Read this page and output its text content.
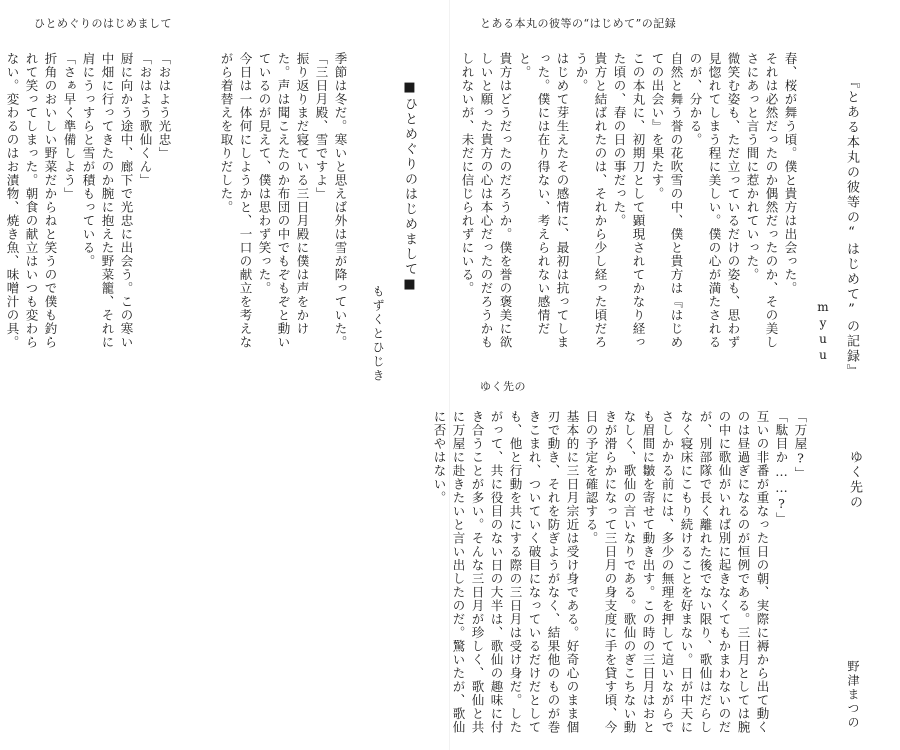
ひとめぐりのはじめまして
■ひとめぐりのはじめまして■
もずくとひじき
季節は冬だ。寒いと思えば外は雪が降っていた。
「三日月殿、雪ですよ」
振り返りまだ寝ている三日月殿に僕は声をかけた。声は聞こえたのか布団の中でもぞもぞと動いているのが見えて、僕は思わず笑った。
今日は一体何にしようかと、一口の献立を考えながら着替えを取りだした。
「おはよう光忠」
「おはよう歌仙くん」
厨に向かう途中、廊下で光忠に出会う。この寒い中畑に行ってきたのか腕に抱えた野菜籠、それに肩にうっすらと雪が積もっている。
「さぁ早く準備しよう」
折角のおいしい野菜だからねと笑うので僕も釣られて笑ってしまった。朝食の献立はいつも変わらない。変わるのはお漬物、焼き魚、味噌汁の具。
とある本丸の彼等の“はじめて”の記録
『とある本丸の彼等の“はじめて”の記録』
myuu
春、桜が舞う頃。僕と貴方は出会った。
それは必然だったのか偶然だったのか、その美しさにあっと言う間に惹かれていった。
微笑む姿も、ただ立っているだけの姿も、思わず見惚れてしまう程に美しい。僕の心が満たされるのが、分かる。
自然と舞う誉の花吹雪の中、僕と貴方は『はじめての出会い』を果たす。
この本丸に、初期刀として顕現されてかなり経った頃の、春の日の事だった。
貴方と結ばれたのは、それから少し経った頃だろうか。
はじめて芽生えたその感情に、最初は抗ってしまった。僕には在り得ない、考えられない感情だと。
貴方はどうだったのだろうか。僕を誉の褒美に欲しいと願った貴方の心は本心だったのだろうかもしれないが、未だに信じられずにいる。
ゆく先の
ゆく先の
野津まつの
「万屋?」
「駄目か……?」
互いの非番が重なった日の朝、実際に褥から出て動くのは昼過ぎになるのが恒例である。三日月としては腕の中に歌仙がいれば別に起きなくてもかまわないのだが、別部隊で長く離れた後でない限り、歌仙はだらしなく寝床にこもり続けることを好まない。日が中天にさしかかる前には、多少の無理を押して這いながらでも眉間に皺を寄せて動き出す。この時の三日月はおとなしく、歌仙の言いなりである。歌仙のぎこちない動きが滑らかになって三日月の身支度に手を貸す頃、今日の予定を確認する。
基本的に三日月宗近は受け身である。好奇心のまま個刃で動き、それを防ぎようがなく、結果他のものが巻きこまれ、ついていく破目になっているだけだとしても、他と行動を共にする際の三日月は受け身だ。したがって、共に役目のない日の大半は、歌仙の趣味に付き合うことが多い。そんな三日月が珍しく、歌仙と共に万屋に赴きたいと言い出したのだ。驚いたが、歌仙に否やはない。
